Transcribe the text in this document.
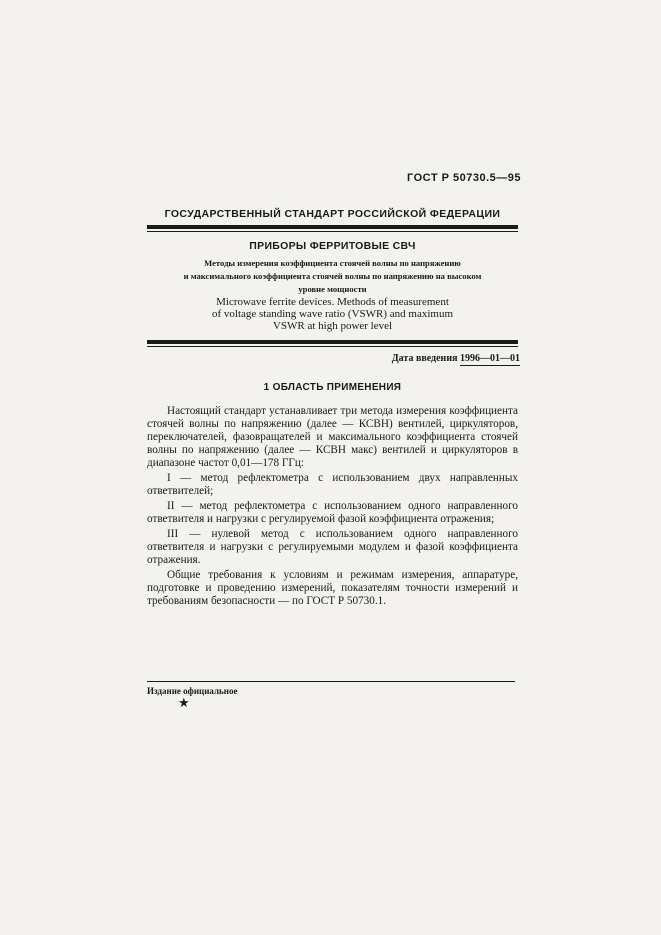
ГОСТ Р 50730.5—95
ГОСУДАРСТВЕННЫЙ СТАНДАРТ РОССИЙСКОЙ ФЕДЕРАЦИИ
ПРИБОРЫ ФЕРРИТОВЫЕ СВЧ
Методы измерения коэффициента стоячей волны по напряжению
и максимального коэффициента стоячей волны по напряжению на высоком
уровне мощности
Microwave ferrite devices. Methods of measurement
of voltage standing wave ratio (VSWR) and maximum
VSWR at high power level
Дата введения 1996—01—01
1 ОБЛАСТЬ ПРИМЕНЕНИЯ

Настоящий стандарт устанавливает три метода измерения коэффициента стоячей волны по напряжению (далее — КСВН) вентилей, циркуляторов, переключателей, фазовращателей и максимального коэффициента стоячей волны по напряжению (далее — КСВН макс) вентилей и циркуляторов в диапазоне частот 0,01—178 ГГц:

I — метод рефлектометра с использованием двух направленных ответвителей;

II — метод рефлектометра с использованием одного направленного ответвителя и нагрузки с регулируемой фазой коэффициента отражения;

III — нулевой метод с использованием одного направленного ответвителя и нагрузки с регулируемыми модулем и фазой коэффициента отражения.

Общие требования к условиям и режимам измерения, аппаратуре, подготовке и проведению измерений, показателям точности измерений и требованиям безопасности — по ГОСТ Р 50730.1.

Издание официальное
★
